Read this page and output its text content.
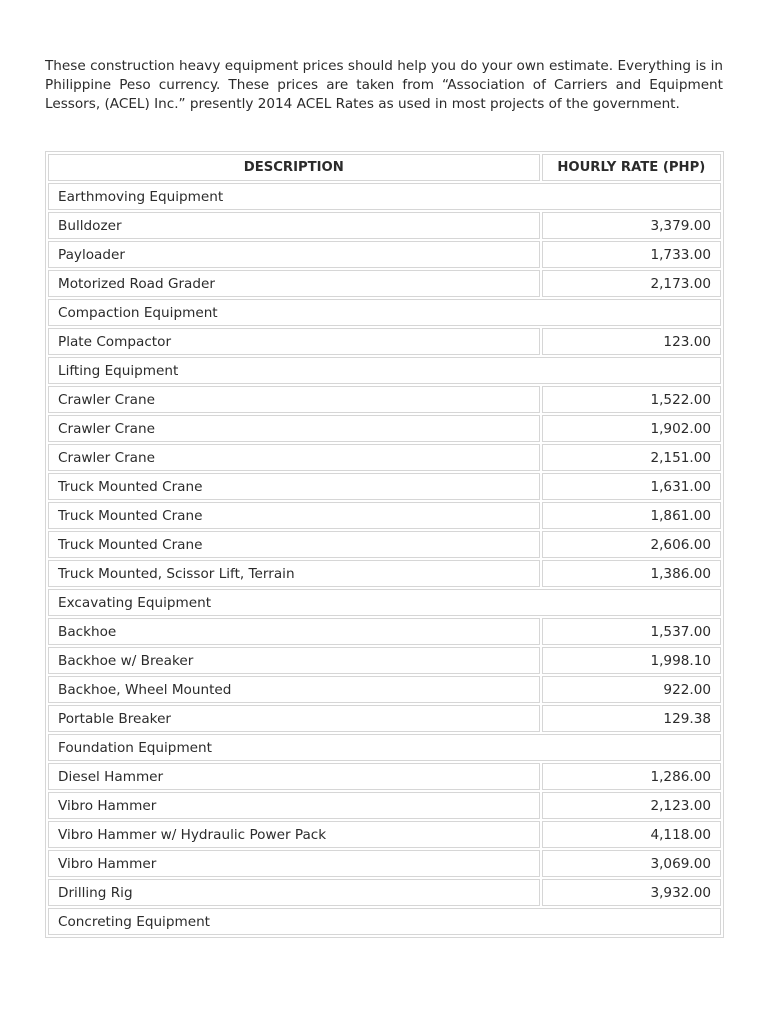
These construction heavy equipment prices should help you do your own estimate. Everything is in Philippine Peso currency. These prices are taken from “Association of Carriers and Equipment Lessors, (ACEL) Inc.” presently 2014 ACEL Rates as used in most projects of the government.

DESCRIPTION	HOURLY RATE (PHP)
Earthmoving Equipment	
Bulldozer	3,379.00
Payloader	1,733.00
Motorized Road Grader	2,173.00
Compaction Equipment	
Plate Compactor	123.00
Lifting Equipment	
Crawler Crane	1,522.00
Crawler Crane	1,902.00
Crawler Crane	2,151.00
Truck Mounted Crane	1,631.00
Truck Mounted Crane	1,861.00
Truck Mounted Crane	2,606.00
Truck Mounted, Scissor Lift, Terrain	1,386.00
Excavating Equipment	
Backhoe	1,537.00
Backhoe w/ Breaker	1,998.10
Backhoe, Wheel Mounted	922.00
Portable Breaker	129.38
Foundation Equipment	
Diesel Hammer	1,286.00
Vibro Hammer	2,123.00
Vibro Hammer w/ Hydraulic Power Pack	4,118.00
Vibro Hammer	3,069.00
Drilling Rig	3,932.00
Concreting Equipment	
